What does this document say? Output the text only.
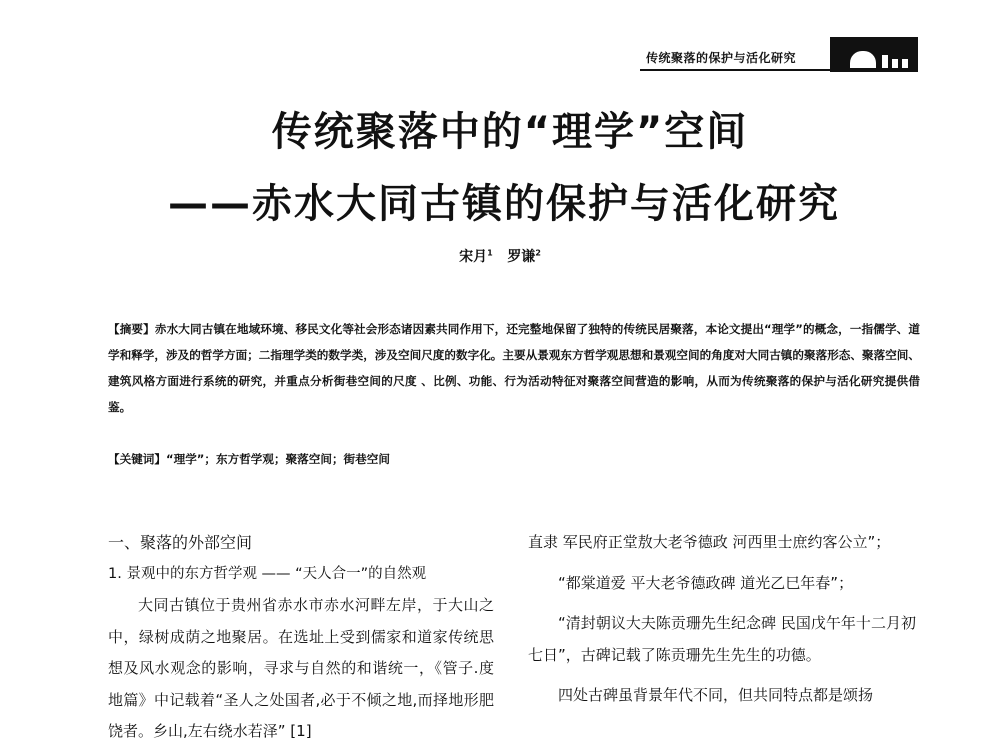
传统聚落的保护与活化研究
传统聚落中的“理学”空间
——赤水大同古镇的保护与活化研究
宋月$^1$ 罗谦$^2$
【摘要】赤水大同古镇在地域环境、移民文化等社会形态诸因素共同作用下，还完整地保留了独特的传统民居聚落，本论文提出“理学”的概念，一指儒学、道学和释学，涉及的哲学方面；二指理学类的数学类，涉及空间尺度的数字化。主要从景观东方哲学观思想和景观空间的角度对大同古镇的聚落形态、聚落空间、建筑风格方面进行系统的研究，并重点分析街巷空间的尺度 、比例、功能、行为活动特征对聚落空间营造的影响，从而为传统聚落的保护与活化研究提供借鉴。
【关键词】“理学”；东方哲学观；聚落空间；街巷空间
一、聚落的外部空间
1. 景观中的东方哲学观 —— “天人合一”的自然观

大同古镇位于贵州省赤水市赤水河畔左岸，于大山之中，绿树成荫之地聚居。在选址上受到儒家和道家传统思想及风水观念的影响，寻求与自然的和谐统一，《管子.度地篇》中记载着“圣人之处国者,必于不倾之地,而择地形肥饶者。乡山,左右绕水若泽” [1]

直隶 军民府正堂敖大老爷德政 河西里士庶约客公立”；

“都棠道爱 平大老爷德政碑 道光乙巳年春”；

“清封朝议大夫陈贡珊先生纪念碑 民国戊午年十二月初七日”，古碑记载了陈贡珊先生先生的功德。

四处古碑虽背景年代不同，但共同特点都是颂扬
